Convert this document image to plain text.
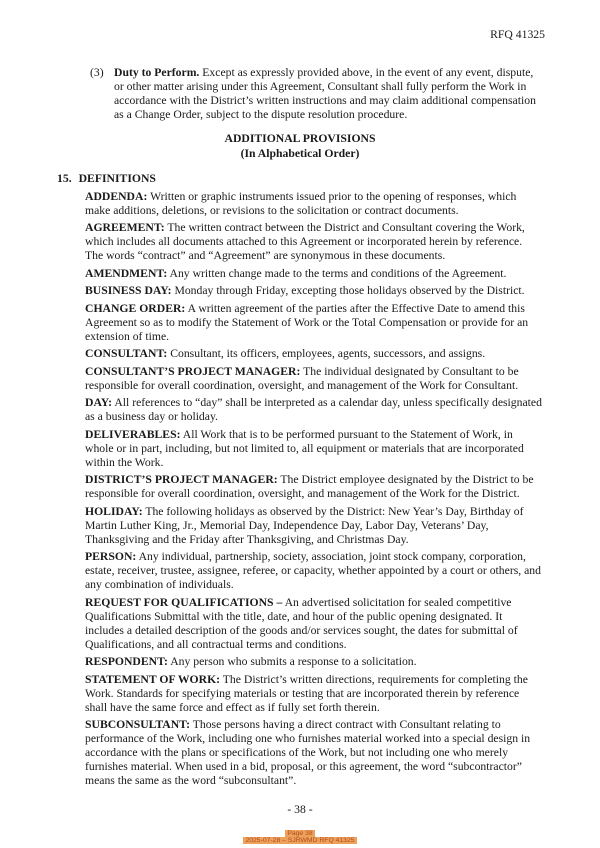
RFQ 41325

(3) Duty to Perform. Except as expressly provided above, in the event of any event, dispute, or other matter arising under this Agreement, Consultant shall fully perform the Work in accordance with the District’s written instructions and may claim additional compensation as a Change Order, subject to the dispute resolution procedure.

ADDITIONAL PROVISIONS
(In Alphabetical Order)
15. DEFINITIONS

ADDENDA: Written or graphic instruments issued prior to the opening of responses, which make additions, deletions, or revisions to the solicitation or contract documents.

AGREEMENT: The written contract between the District and Consultant covering the Work, which includes all documents attached to this Agreement or incorporated herein by reference. The words “contract” and “Agreement” are synonymous in these documents.

AMENDMENT: Any written change made to the terms and conditions of the Agreement.

BUSINESS DAY: Monday through Friday, excepting those holidays observed by the District.

CHANGE ORDER: A written agreement of the parties after the Effective Date to amend this Agreement so as to modify the Statement of Work or the Total Compensation or provide for an extension of time.

CONSULTANT: Consultant, its officers, employees, agents, successors, and assigns.

CONSULTANT’S PROJECT MANAGER: The individual designated by Consultant to be responsible for overall coordination, oversight, and management of the Work for Consultant.

DAY: All references to “day” shall be interpreted as a calendar day, unless specifically designated as a business day or holiday.

DELIVERABLES: All Work that is to be performed pursuant to the Statement of Work, in whole or in part, including, but not limited to, all equipment or materials that are incorporated within the Work.

DISTRICT’S PROJECT MANAGER: The District employee designated by the District to be responsible for overall coordination, oversight, and management of the Work for the District.

HOLIDAY: The following holidays as observed by the District: New Year’s Day, Birthday of Martin Luther King, Jr., Memorial Day, Independence Day, Labor Day, Veterans’ Day, Thanksgiving and the Friday after Thanksgiving, and Christmas Day.

PERSON: Any individual, partnership, society, association, joint stock company, corporation, estate, receiver, trustee, assignee, referee, or capacity, whether appointed by a court or others, and any combination of individuals.

REQUEST FOR QUALIFICATIONS – An advertised solicitation for sealed competitive Qualifications Submittal with the title, date, and hour of the public opening designated. It includes a detailed description of the goods and/or services sought, the dates for submittal of Qualifications, and all contractual terms and conditions.

RESPONDENT: Any person who submits a response to a solicitation.

STATEMENT OF WORK: The District’s written directions, requirements for completing the Work. Standards for specifying materials or testing that are incorporated therein by reference shall have the same force and effect as if fully set forth therein.

SUBCONSULTANT: Those persons having a direct contract with Consultant relating to performance of the Work, including one who furnishes material worked into a special design in accordance with the plans or specifications of the Work, but not including one who merely furnishes material. When used in a bid, proposal, or this agreement, the word “subcontractor” means the same as the word “subconsultant”.

- 38 -
Page 38
2025-07-28 – SJRWMD RFQ 41325
